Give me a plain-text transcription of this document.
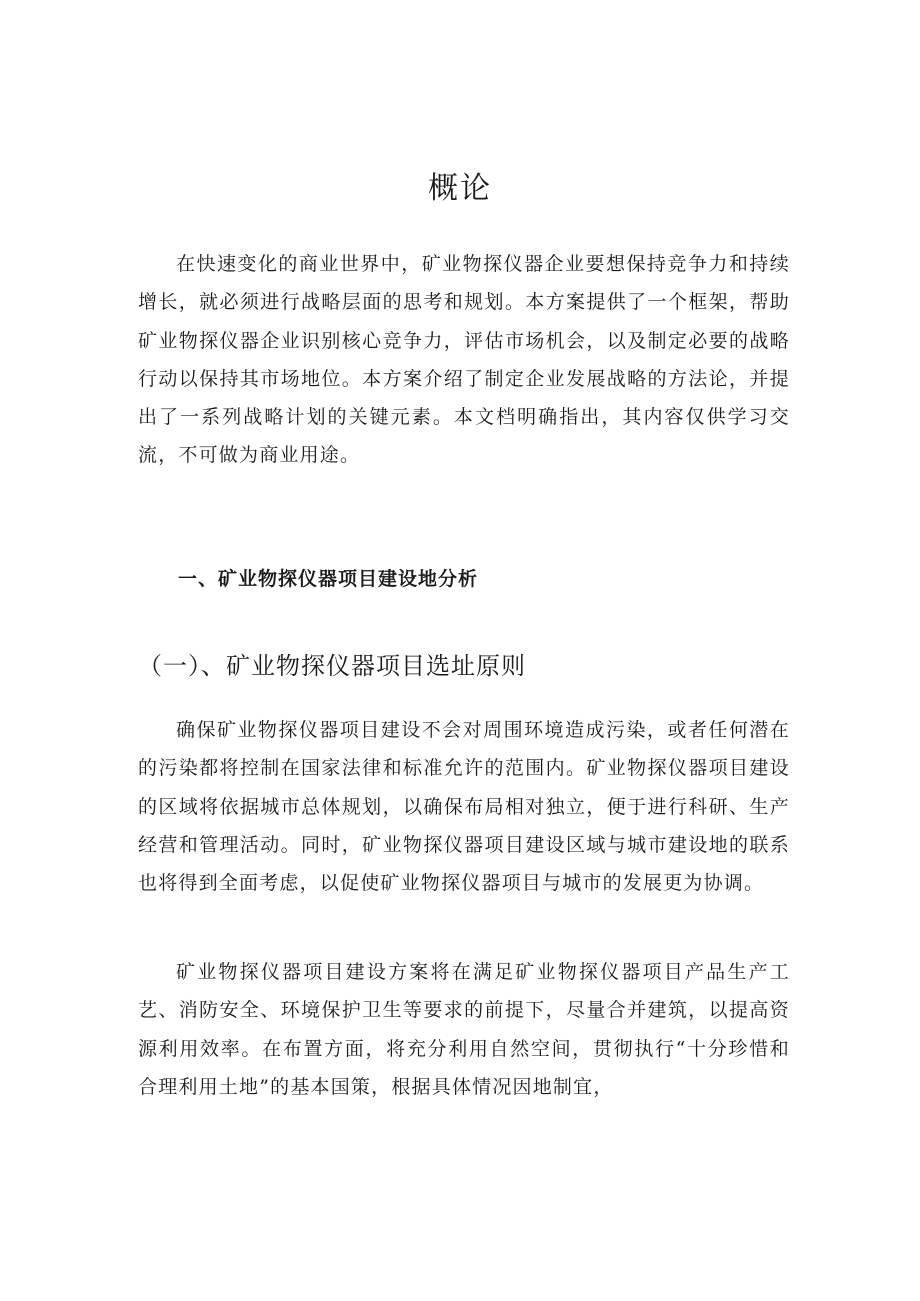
概论

在快速变化的商业世界中，矿业物探仪器企业要想保持竞争力和持续增长，就必须进行战略层面的思考和规划。本方案提供了一个框架，帮助矿业物探仪器企业识别核心竞争力，评估市场机会，以及制定必要的战略行动以保持其市场地位。本方案介绍了制定企业发展战略的方法论，并提出了一系列战略计划的关键元素。本文档明确指出，其内容仅供学习交流，不可做为商业用途。

一、矿业物探仪器项目建设地分析
（一）、矿业物探仪器项目选址原则

确保矿业物探仪器项目建设不会对周围环境造成污染，或者任何潜在的污染都将控制在国家法律和标准允许的范围内。矿业物探仪器项目建设的区域将依据城市总体规划，以确保布局相对独立，便于进行科研、生产经营和管理活动。同时，矿业物探仪器项目建设区域与城市建设地的联系也将得到全面考虑，以促使矿业物探仪器项目与城市的发展更为协调。

矿业物探仪器项目建设方案将在满足矿业物探仪器项目产品生产工艺、消防安全、环境保护卫生等要求的前提下，尽量合并建筑，以提高资源利用效率。在布置方面，将充分利用自然空间，贯彻执行“十分珍惜和合理利用土地”的基本国策，根据具体情况因地制宜，
